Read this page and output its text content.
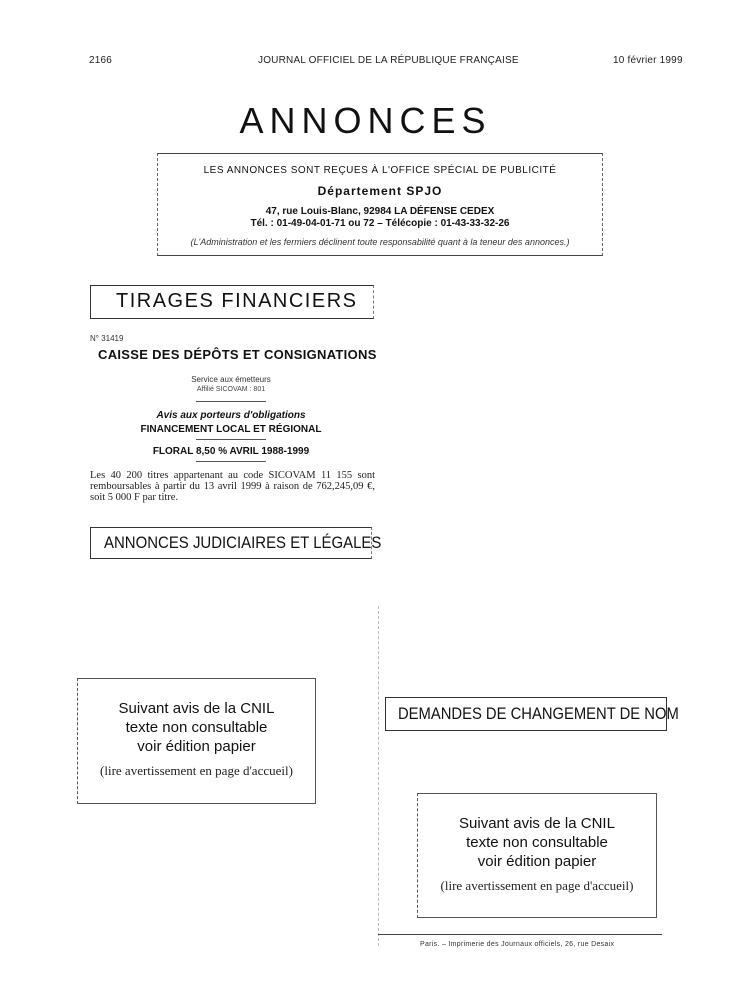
2166	JOURNAL OFFICIEL DE LA RÉPUBLIQUE FRANÇAISE	10 février 1999
ANNONCES
LES ANNONCES SONT REÇUES À L'OFFICE SPÉCIAL DE PUBLICITÉ
Département SPJO
47, rue Louis-Blanc, 92984 LA DÉFENSE CEDEX
Tél. : 01-49-04-01-71 ou 72 – Télécopie : 01-43-33-32-26
(L'Administration et les fermiers déclinent toute responsabilité quant à la teneur des annonces.)
TIRAGES FINANCIERS
N° 31419
CAISSE DES DÉPÔTS ET CONSIGNATIONS
Service aux émetteurs
Affilié SICOVAM : 801
Avis aux porteurs d'obligations
FINANCEMENT LOCAL ET RÉGIONAL
FLORAL 8,50 % AVRIL 1988-1999
Les 40 200 titres appartenant au code SICOVAM 11 155 sont remboursables à partir du 13 avril 1999 à raison de 762,245,09 €, soit 5 000 F par titre.
ANNONCES JUDICIAIRES ET LÉGALES
Suivant avis de la CNIL
texte non consultable
voir édition papier
(lire avertissement en page d'accueil)
DEMANDES DE CHANGEMENT DE NOM
Suivant avis de la CNIL
texte non consultable
voir édition papier
(lire avertissement en page d'accueil)
Paris. – Imprimerie des Journaux officiels, 26, rue Desaix
